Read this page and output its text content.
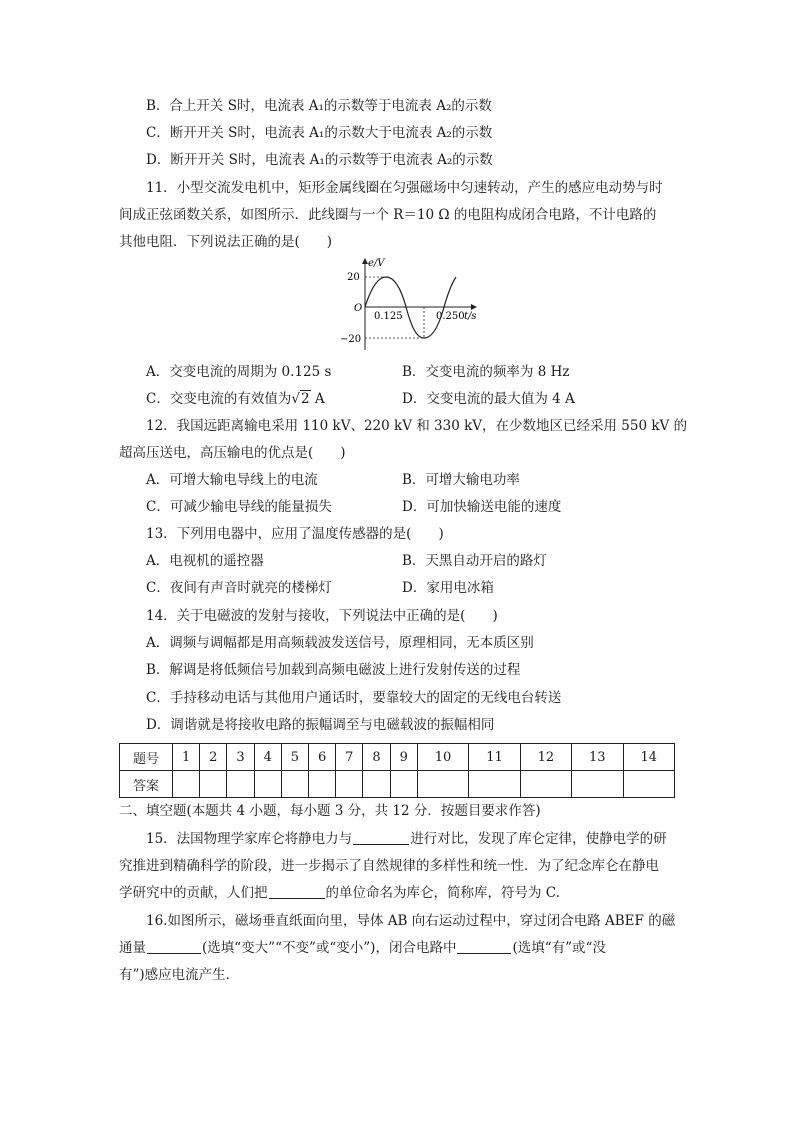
B．合上开关 S时，电流表 A₁的示数等于电流表 A₂的示数
C．断开开关 S时，电流表 A₁的示数大于电流表 A₂的示数
D．断开开关 S时，电流表 A₁的示数等于电流表 A₂的示数
11．小型交流发电机中，矩形金属线圈在匀强磁场中匀速转动，产生的感应电动势与时
间成正弦函数关系，如图所示．此线圈与一个 R＝10 Ω 的电阻构成闭合电路，不计电路的
其他电阻．下列说法正确的是(　　)
e/V
20
O
0.125	0.250 t/s
−20
A．交变电流的周期为 0.125 s	B．交变电流的频率为 8 Hz
C．交变电流的有效值为√2 A	D．交变电流的最大值为 4 A
12．我国远距离输电采用 110 kV、220 kV 和 330 kV，在少数地区已经采用 550 kV 的
超高压送电，高压输电的优点是(　　)
A．可增大输电导线上的电流	B．可增大输电功率
C．可减少输电导线的能量损失	D．可加快输送电能的速度
13．下列用电器中，应用了温度传感器的是(　　)
A．电视机的遥控器	B．天黑自动开启的路灯
C．夜间有声音时就亮的楼梯灯	D．家用电冰箱
14．关于电磁波的发射与接收，下列说法中正确的是(　　)
A．调频与调幅都是用高频载波发送信号，原理相同，无本质区别
B．解调是将低频信号加载到高频电磁波上进行发射传送的过程
C．手持移动电话与其他用户通话时，要靠较大的固定的无线电台转送
D．调谐就是将接收电路的振幅调至与电磁载波的振幅相同
题号	1	2	3	4	5	6	7	8	9	10	11	12	13	14
答案														
二、填空题(本题共 4 小题，每小题 3 分，共 12 分．按题目要求作答)
15．法国物理学家库仑将静电力与	进行对比，发现了库仑定律，使静电学的研
究推进到精确科学的阶段，进一步揭示了自然规律的多样性和统一性．为了纪念库仑在静电
学研究中的贡献，人们把	的单位命名为库仑，简称库，符号为 C.
16.如图所示，磁场垂直纸面向里，导体 AB 向右运动过程中，穿过闭合电路 ABEF 的磁
通量	(选填“变大”“不变”或“变小”)，闭合电路中	(选填“有”或“没
有”)感应电流产生．
